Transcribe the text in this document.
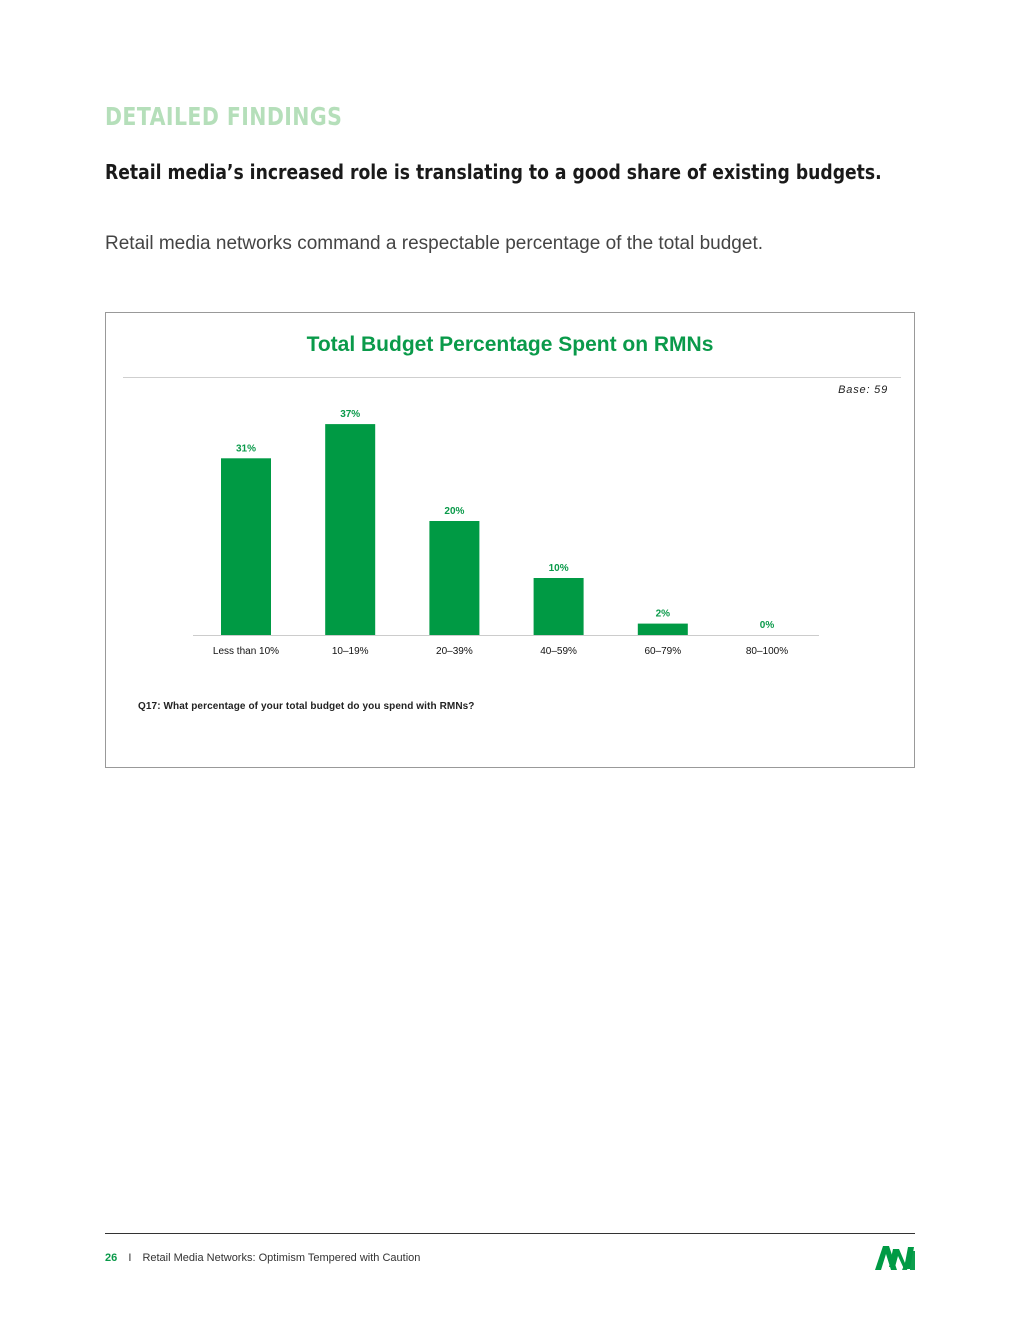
DETAILED FINDINGS
Retail media’s increased role is translating to a good share of existing budgets.
Retail media networks command a respectable percentage of the total budget.
Total Budget Percentage Spent on RMNs
Base: 59
31%
Less than 10%
37%
10–19%
20%
20–39%
10%
40–59%
2%
60–79%
0%
80–100%
Q17: What percentage of your total budget do you spend with RMNs?
26 I Retail Media Networks: Optimism Tempered with Caution
